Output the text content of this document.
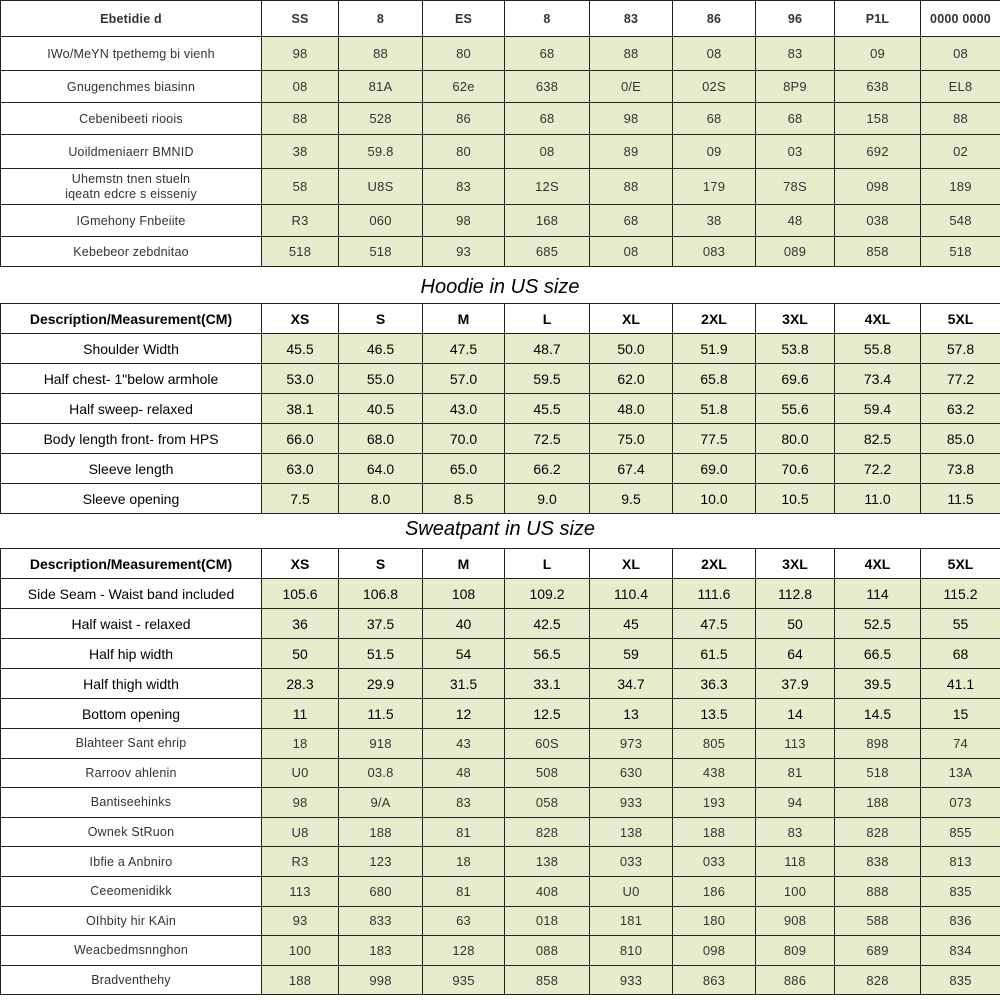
Ebetidie d	SS	8	ES	8	83	86	96	P1L	0000 0000
IWo/MeYN tpethemg bi vienh	98	88	80	68	88	08	83	09	08
Gnugenchmes biasinn	08	81A	62e	638	0/E	02S	8P9	638	EL8
Cebenibeeti rioois	88	528	86	68	98	68	68	158	88
Uoildmeniaerr BMNID	38	59.8	80	08	89	09	03	692	02

Uhemstn tnen stueln
iqeatn edcre s eisseniy	58	U8S	83	12S	88	179	78S	098	189
IGmehony Fnbeiite	R3	060	98	168	68	38	48	038	548
Kebebeor zebdnitao	518	518	93	685	08	083	089	858	518
Hoodie in US size
Description/Measurement(CM)	XS	S	M	L	XL	2XL	3XL	4XL	5XL
Shoulder Width	45.5	46.5	47.5	48.7	50.0	51.9	53.8	55.8	57.8
Half chest- 1"below armhole	53.0	55.0	57.0	59.5	62.0	65.8	69.6	73.4	77.2
Half sweep- relaxed	38.1	40.5	43.0	45.5	48.0	51.8	55.6	59.4	63.2
Body length front- from HPS	66.0	68.0	70.0	72.5	75.0	77.5	80.0	82.5	85.0
Sleeve length	63.0	64.0	65.0	66.2	67.4	69.0	70.6	72.2	73.8
Sleeve opening	7.5	8.0	8.5	9.0	9.5	10.0	10.5	11.0	11.5
Sweatpant in US size
Description/Measurement(CM)	XS	S	M	L	XL	2XL	3XL	4XL	5XL
Side Seam - Waist band included	105.6	106.8	108	109.2	110.4	111.6	112.8	114	115.2
Half waist - relaxed	36	37.5	40	42.5	45	47.5	50	52.5	55
Half hip width	50	51.5	54	56.5	59	61.5	64	66.5	68
Half thigh width	28.3	29.9	31.5	33.1	34.7	36.3	37.9	39.5	41.1
Bottom opening	11	11.5	12	12.5	13	13.5	14	14.5	15
Blahteer Sant ehrip	18	918	43	60S	973	805	113	898	74
Rarroov ahlenin	U0	03.8	48	508	630	438	81	518	13A
Bantiseehinks	98	9/A	83	058	933	193	94	188	073
Ownek StRuon	U8	188	81	828	138	188	83	828	855
Ibfie a Anbniro	R3	123	18	138	033	033	118	838	813
Ceeomenidikk	113	680	81	408	U0	186	100	888	835
OIhbity hir KAin	93	833	63	018	181	180	908	588	836
Weacbedmsnnghon	100	183	128	088	810	098	809	689	834
Bradventhehy	188	998	935	858	933	863	886	828	835
